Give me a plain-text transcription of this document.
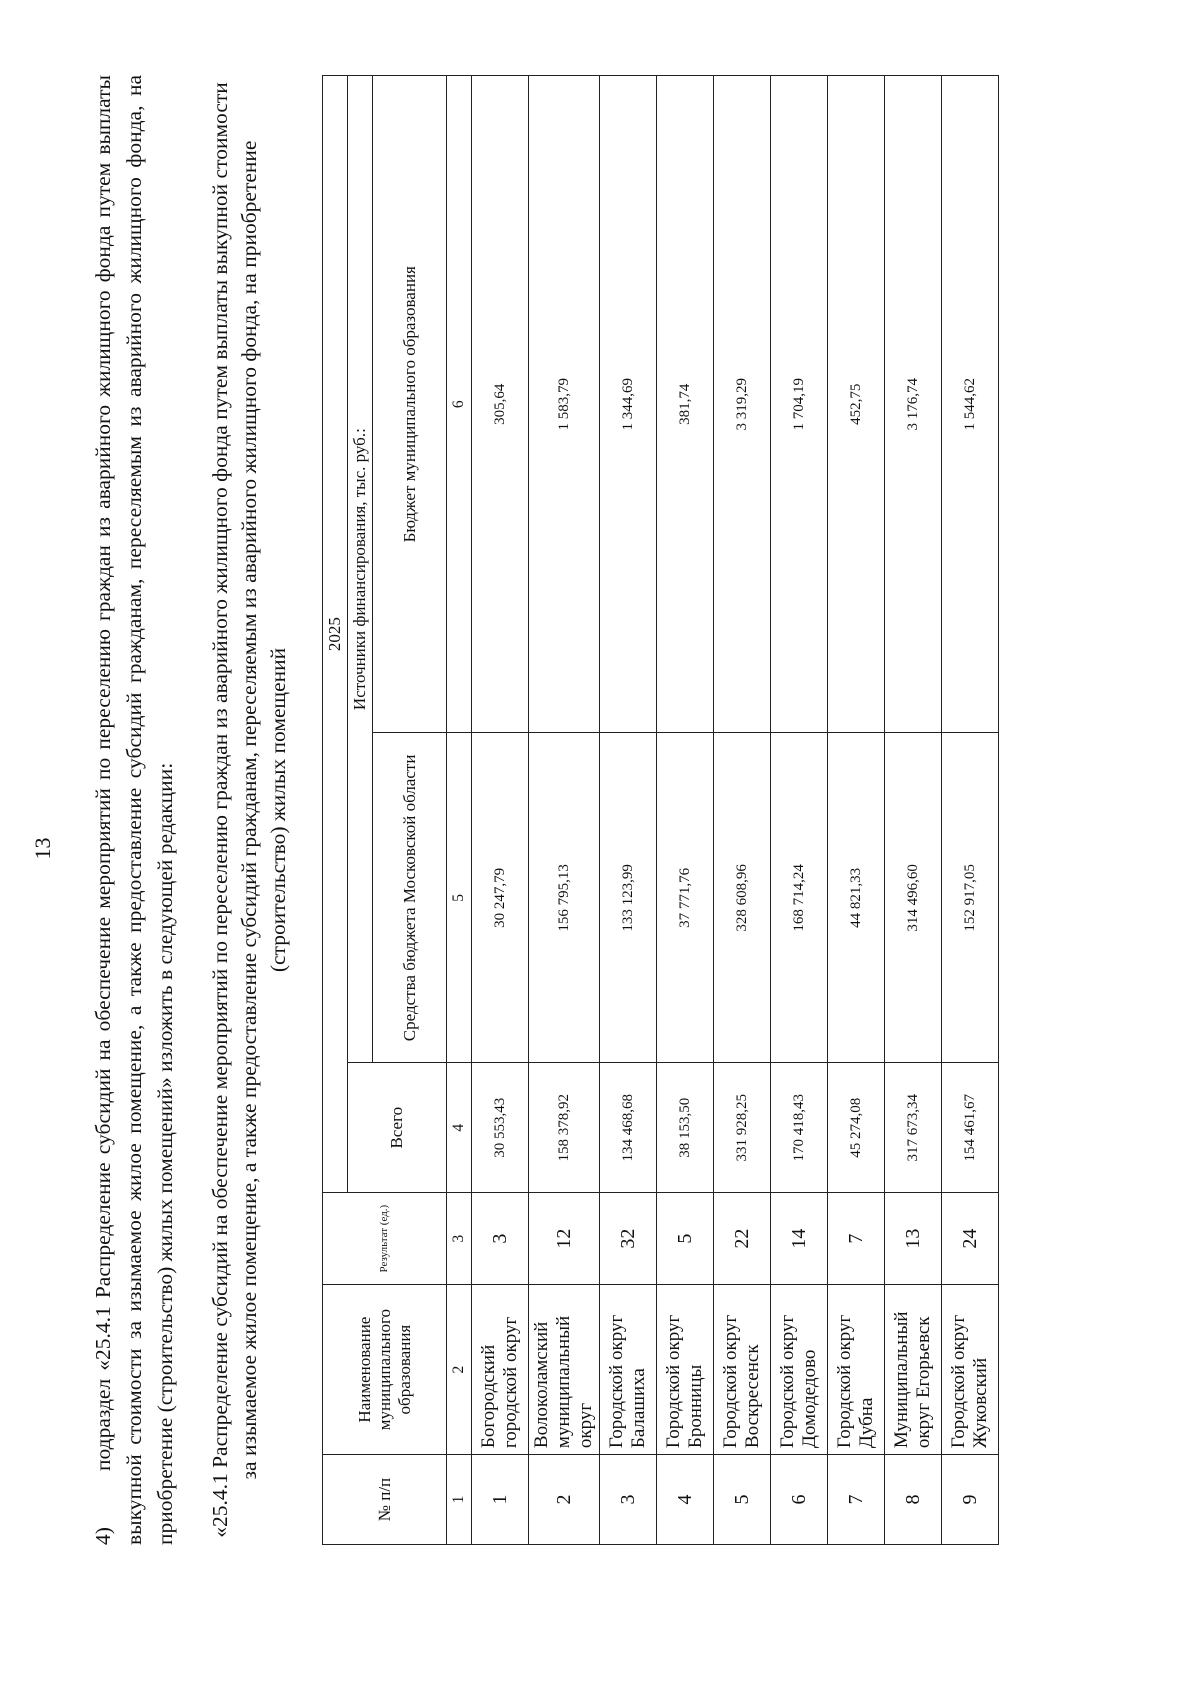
13

4)подраздел «25.4.1 Распределение субсидий на обеспечение мероприятий по переселению граждан из аварийного жилищного фонда путем выплаты выкупной стоимости за изымаемое жилое помещение, а также предоставление субсидий гражданам, переселяемым из аварийного жилищного фонда, на приобретение (строительство) жилых помещений» изложить в следующей редакции: «25.4.1 Распределение субсидий на обеспечение мероприятий по переселению граждан из аварийного жилищного фонда путем выплаты выкупной стоимости за изымаемое жилое помещение, а также предоставление субсидий гражданам, переселяемым из аварийного жилищного фонда, на приобретение (строительство) жилых помещений

№ п/п	Наименование муниципального образования	Результат (ед.)	2025		
			Всего	Источники финансирования, тыс. руб.:	
				Средства бюджета Московской области	Бюджет муниципального образования
1	2	3	4	5	6
1	Богородский городской округ	3	30 553,43	30 247,79	305,64
2	Волоколамский муниципальный округ	12	158 378,92	156 795,13	1 583,79
3	Городской округ Балашиха	32	134 468,68	133 123,99	1 344,69
4	Городской округ Бронницы	5	38 153,50	37 771,76	381,74
5	Городской округ Воскресенск	22	331 928,25	328 608,96	3 319,29
6	Городской округ Домодедово	14	170 418,43	168 714,24	1 704,19
7	Городской округ Дубна	7	45 274,08	44 821,33	452,75
8	Муниципальный округ Егорьевск	13	317 673,34	314 496,60	3 176,74
9	Городской округ Жуковский	24	154 461,67	152 917,05	1 544,62
